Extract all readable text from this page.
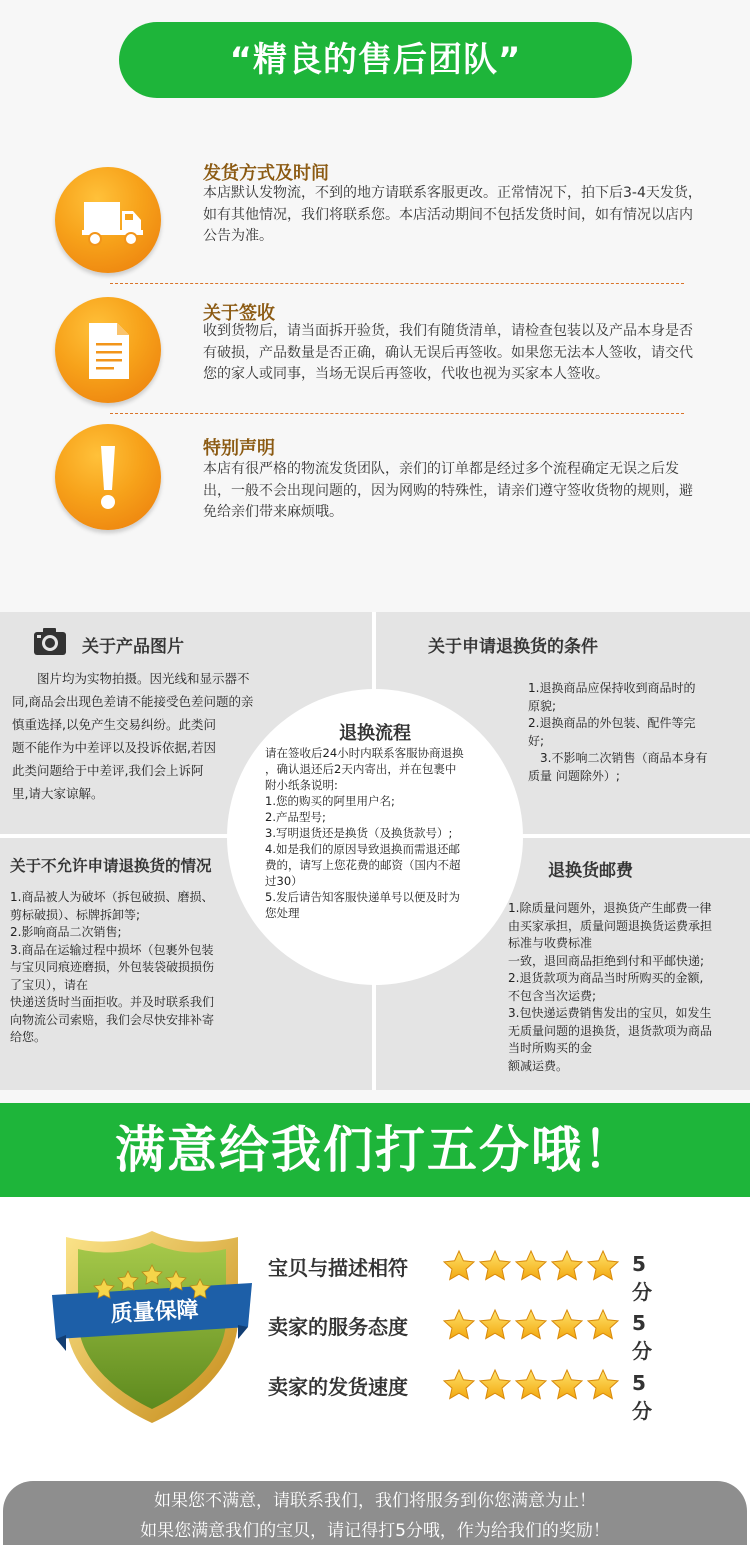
“精良的售后团队”
发货方式及时间
本店默认发物流，不到的地方请联系客服更改。正常情况下，拍下后3-4天发货，如有其他情况，我们将联系您。本店活动期间不包括发货时间，如有情况以店内公告为准。
关于签收
收到货物后，请当面拆开验货，我们有随货清单，请检查包装以及产品本身是否有破损，产品数量是否正确，确认无误后再签收。如果您无法本人签收，请交代您的家人或同事，当场无误后再签收，代收也视为买家本人签收。
特别声明
本店有很严格的物流发货团队，亲们的订单都是经过多个流程确定无误之后发出，一般不会出现问题的，因为网购的特殊性，请亲们遵守签收货物的规则，避免给亲们带来麻烦哦。
关于产品图片
　　图片均为实物拍摄。因光线和显示器不
同,商品会出现色差请不能接受色差问题的亲
慎重选择,以免产生交易纠纷。此类问
题不能作为中差评以及投诉依据,若因
此类问题给于中差评,我们会上诉阿
里,请大家谅解。
关于申请退换货的条件
1.退换商品应保持收到商品时的
原貌;
2.退换商品的外包装、配件等完
好;
　3.不影响二次销售（商品本身有
质量 问题除外）;
关于不允许申请退换货的情况
1.商品被人为破坏（拆包破损、磨损、
剪标破损）、标牌拆卸等;
2.影响商品二次销售;
3.商品在运输过程中损坏（包裹外包装
与宝贝同痕迹磨损，外包装袋破损损伤
了宝贝），请在
快递送货时当面拒收。并及时联系我们
向物流公司索赔，我们会尽快安排补寄
给您。
退换货邮费
1.除质量问题外，退换货产生邮费一律
由买家承担，质量问题退换货运费承担
标准与收费标准
一致，退回商品拒绝到付和平邮快递;
2.退货款项为商品当时所购买的金额,
不包含当次运费;
3.包快递运费销售发出的宝贝，如发生
无质量问题的退换货，退货款项为商品
当时所购买的金
额减运费。
退换流程
请在签收后24小时内联系客服协商退换
，确认退还后2天内寄出，并在包裹中
附小纸条说明:
1.您的购买的阿里用户名;
2.产品型号;
3.写明退货还是换货（及换货款号）;
4.如是我们的原因导致退换而需退还邮
费的，请写上您花费的邮资（国内不超
过30）
5.发后请告知客服快递单号以便及时为
您处理
满意给我们打五分哦！
质量保障
宝贝与描述相符	5分
卖家的服务态度	5分
卖家的发货速度	5分
如果您不满意，请联系我们，我们将服务到你您满意为止！
如果您满意我们的宝贝，请记得打5分哦，作为给我们的奖励！
